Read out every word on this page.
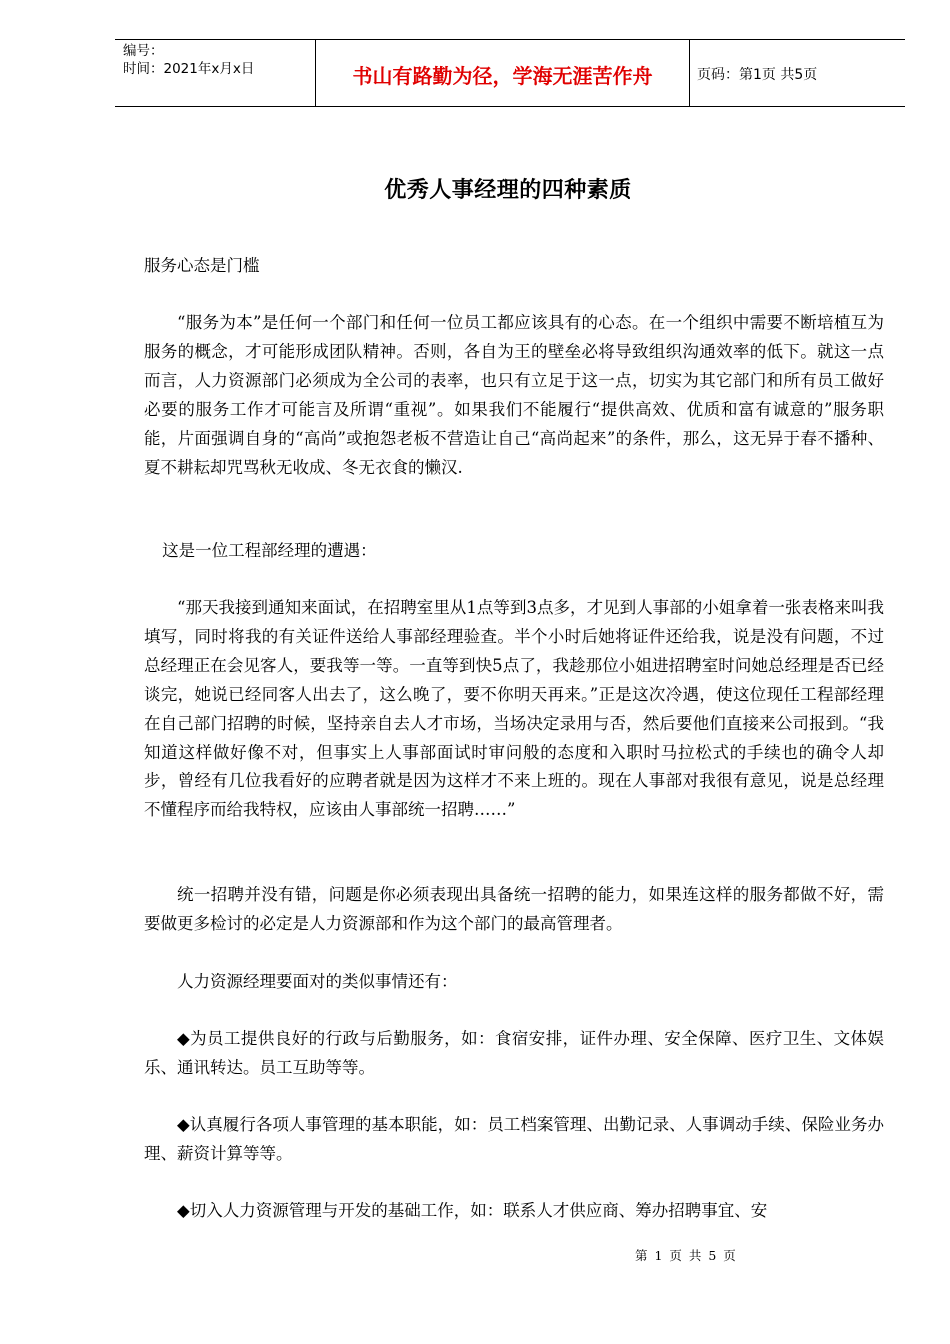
编号：
时间：2021年x月x日	书山有路勤为径，学海无涯苦作舟	页码：第1页 共5页
优秀人事经理的四种素质

服务心态是门槛

“服务为本”是任何一个部门和任何一位员工都应该具有的心态。在一个组织中需要不断培植互为服务的概念，才可能形成团队精神。否则，各自为王的壁垒必将导致组织沟通效率的低下。就这一点而言，人力资源部门必须成为全公司的表率，也只有立足于这一点，切实为其它部门和所有员工做好必要的服务工作才可能言及所谓“重视”。如果我们不能履行“提供高效、优质和富有诚意的”服务职能，片面强调自身的“高尚”或抱怨老板不营造让自己“高尚起来”的条件，那么，这无异于春不播种、夏不耕耘却咒骂秋无收成、冬无衣食的懒汉.

这是一位工程部经理的遭遇：

“那天我接到通知来面试，在招聘室里从1点等到3点多，才见到人事部的小姐拿着一张表格来叫我填写，同时将我的有关证件送给人事部经理验查。半个小时后她将证件还给我，说是没有问题，不过总经理正在会见客人，要我等一等。一直等到快5点了，我趁那位小姐进招聘室时问她总经理是否已经谈完，她说已经同客人出去了，这么晚了，要不你明天再来。”正是这次冷遇，使这位现任工程部经理在自己部门招聘的时候，坚持亲自去人才市场，当场决定录用与否，然后要他们直接来公司报到。“我知道这样做好像不对，但事实上人事部面试时审问般的态度和入职时马拉松式的手续也的确令人却步，曾经有几位我看好的应聘者就是因为这样才不来上班的。现在人事部对我很有意见，说是总经理不懂程序而给我特权，应该由人事部统一招聘……”

统一招聘并没有错，问题是你必须表现出具备统一招聘的能力，如果连这样的服务都做不好，需要做更多检讨的必定是人力资源部和作为这个部门的最高管理者。

人力资源经理要面对的类似事情还有：

◆为员工提供良好的行政与后勤服务，如：食宿安排，证件办理、安全保障、医疗卫生、文体娱乐、通讯转达。员工互助等等。

◆认真履行各项人事管理的基本职能，如：员工档案管理、出勤记录、人事调动手续、保险业务办理、薪资计算等等。

◆切入人力资源管理与开发的基础工作，如：联系人才供应商、筹办招聘事宜、安

第 1 页 共 5 页
